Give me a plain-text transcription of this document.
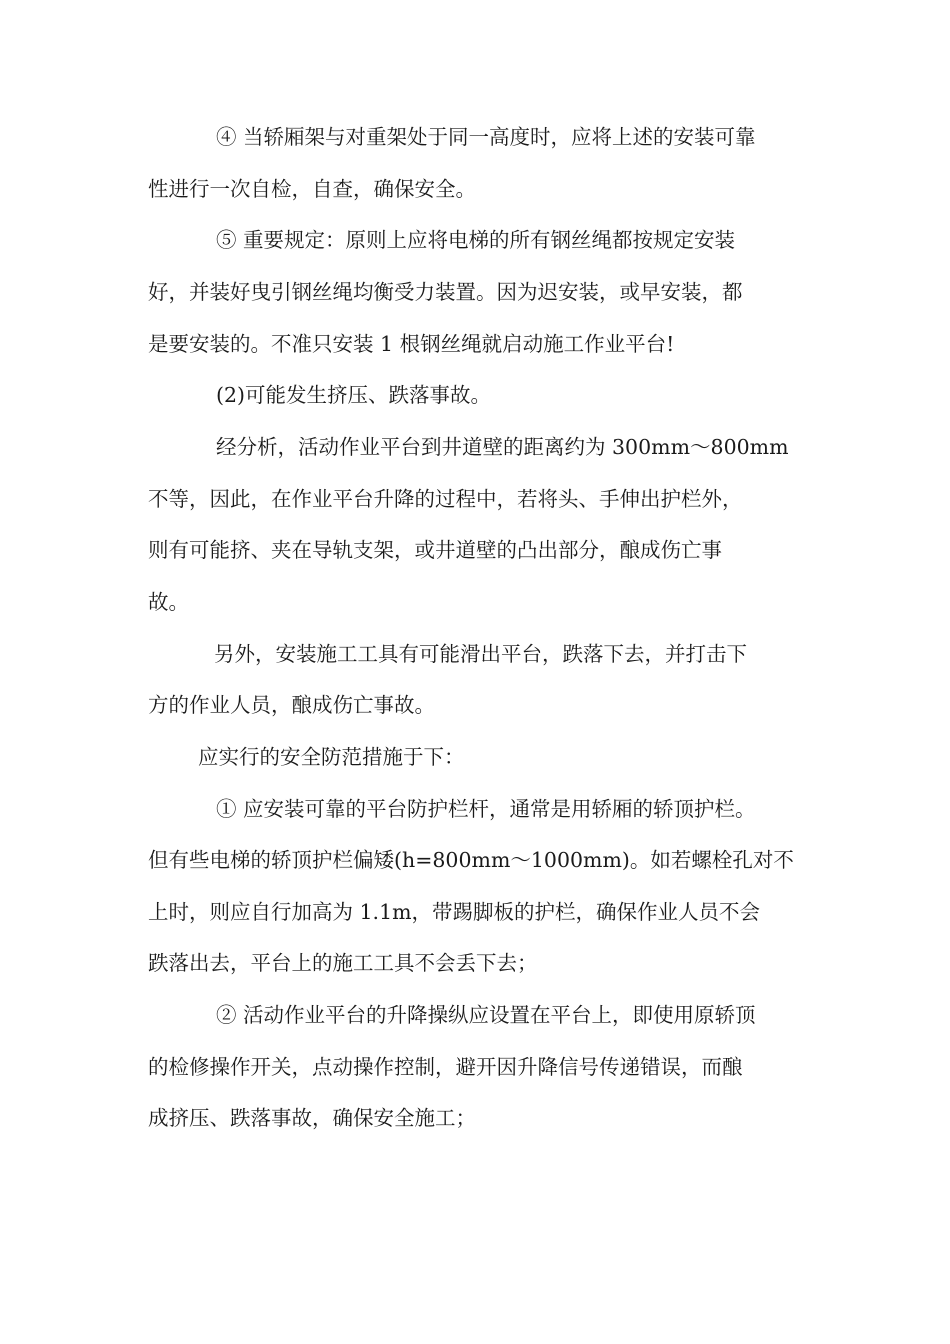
④ 当轿厢架与对重架处于同一高度时，应将上述的安装可靠
性进行一次自检，自查，确保安全。
⑤ 重要规定：原则上应将电梯的所有钢丝绳都按规定安装
好，并装好曳引钢丝绳均衡受力装置。因为迟安装，或早安装，都
是要安装的。不准只安装 1 根钢丝绳就启动施工作业平台!
(2)可能发生挤压、跌落事故。
经分析，活动作业平台到井道壁的距离约为 300mm～800mm
不等，因此，在作业平台升降的过程中，若将头、手伸出护栏外，
则有可能挤、夹在导轨支架，或井道壁的凸出部分，酿成伤亡事
故。
另外，安装施工工具有可能滑出平台，跌落下去，并打击下
方的作业人员，酿成伤亡事故。
应实行的安全防范措施于下：
① 应安装可靠的平台防护栏杆，通常是用轿厢的轿顶护栏。
但有些电梯的轿顶护栏偏矮(h=800mm～1000mm)。如若螺栓孔对不
上时，则应自行加高为 1.1m，带踢脚板的护栏，确保作业人员不会
跌落出去，平台上的施工工具不会丢下去；
② 活动作业平台的升降操纵应设置在平台上，即使用原轿顶
的检修操作开关，点动操作控制，避开因升降信号传递错误，而酿
成挤压、跌落事故，确保安全施工；
